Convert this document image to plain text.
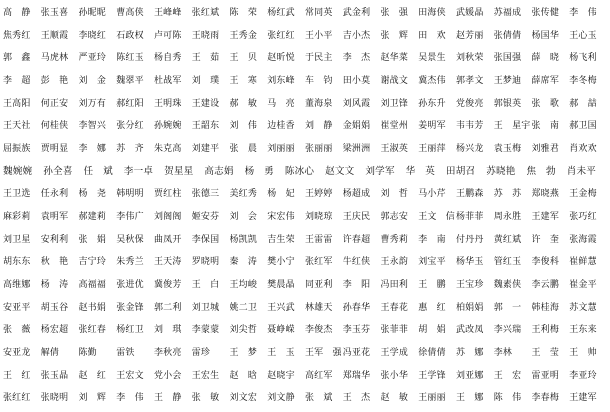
高　静	张玉喜	孙昵昵	曹高侠	王峰峰	张红斌	陈　荣	杨红武	常同英	武金利	张　强	田海侠	武媛晶	苏福成	张传健	李　伟
焦秀红	王顺霞	李晓红	石政权	卢可陈	王晓雨	王秀金	张红红	王小平	吉小杰	张　辉	田　欢	赵芳丽	张倩倩	杨国华	王心玉
郭　鑫	马虎林	严亚玲	陈红玉	杨自秀	王　茹	王　贝	赵昕悦	于民主	李　杰	赵华菜	吴景生	刘秋荣	张国强	薛　晓	杨飞利
李　超	彭　艳	刘　金	魏翠平	杜战军	刘　璞	王　寒	刘东峰	车　钧	田小莫	谢战文	冀杰伟	郭孝文	王梦迪	薛席军	李冬梅
王高阳	何正安	刘万有	郝红阳	王明珠	王建设	郝　敏	马　亮	董海泉	刘风霞	刘卫锋	孙东升	党俊亮	郭银英	张　歌	郝　喆
王天社	何桂侠	李智兴	张分红	孙婉婉	王韶东	刘　伟	边桂香	刘　静	金娟娟	崔堂州	姜明军	韦韦芳	王　星宇 张　南	郝卫国
屈振族	贾明显	李　娜	苏　齐	朱克高	刘建平	张　晨	刘丽丽	张丽丽	梁洲洲	王淑英	王丽萍	杨兴龙	袁玉梅	刘雅君	肖欢欢
魏婉婉	孙全喜	任　斌	李一卓	贺星星	高志娟	杨　勇	陈冰心	赵文文	刘学军	华　英	田胡召	苏晓艳	焦　勃	肖未平
王卫选	任永利	杨　尧	韩明明	贾红柱	张德三	美红秀	杨　妃	王婷婷	杨超成	刘　哲	马小芹	王鹏森	苏　苏	郑晓燕	王金梅
麻彩莉	袁明军	郝建莉	李伟广	刘阁阁	姬安芬	刘　会	宋宏伟	刘晓琼	王庆民	郭志安	王文　信 杨菲菲	周永胜	王建军	张巧红
刘卫星	安利利	张　娟	吴秋保	曲凤开	李保国	杨凯凯	吉生荣	王雷雷	许春超	曹秀莉	李　南	付丹丹	黄红斌	许　奎	张海霞
胡东东	秋　艳	吉宁玲	朱秀兰	王天涛	罗晓明	秦　涛	樊小宁	张红军	牛红侠	王永韵	刘宝平	杨华玉	管红玉	李俊科	崔鲜慧
高维娜	杨　涛	高福福	张进优	冀俊芳	王　白	王均峻	樊晨晶	同亚利	李　阳	冯田利	王　鹏	王宝珍	魏素侠	李云鹏	崔金平
安亚平	胡玉谷	赵书娟	张金锋	郭二利	刘卫城	姚二卫	王兴武	林雄天	孙春华	王春花	惠　红	柏娟娟	郭　一	韩桂海	苏文慧
张　薇	杨宏超	张红春	杨红卫	刘　琪	李蒙蒙	刘尖哲	聂峥嵘	李俊杰	李玉芬	张菲菲	胡　娟	武改凤	李兴瑞	王利梅	王东来
安亚龙	解倩	陈勤	雷铁	李秋亮	雷珍	王　梦	王　玉	王军　强 冯亚花	王学成	徐倩倩	苏　娜	李林	王　莹	王　帅
王　红	张玉晶	赵　红	王宏文	党小会	王宏生	赵　晗	赵晓宇	高红军	郑瑞华	张小华	王学锋	刘亚娜	王　宏	雷亚明	李亚玲
张红红	张晓明	刘　辉	李　伟	王　静	张　敏	刘文宏	刘文静	张　斌	王　杰	赵　敏	王丽丽	王　娜	陈　伟	李春梅	王建军
